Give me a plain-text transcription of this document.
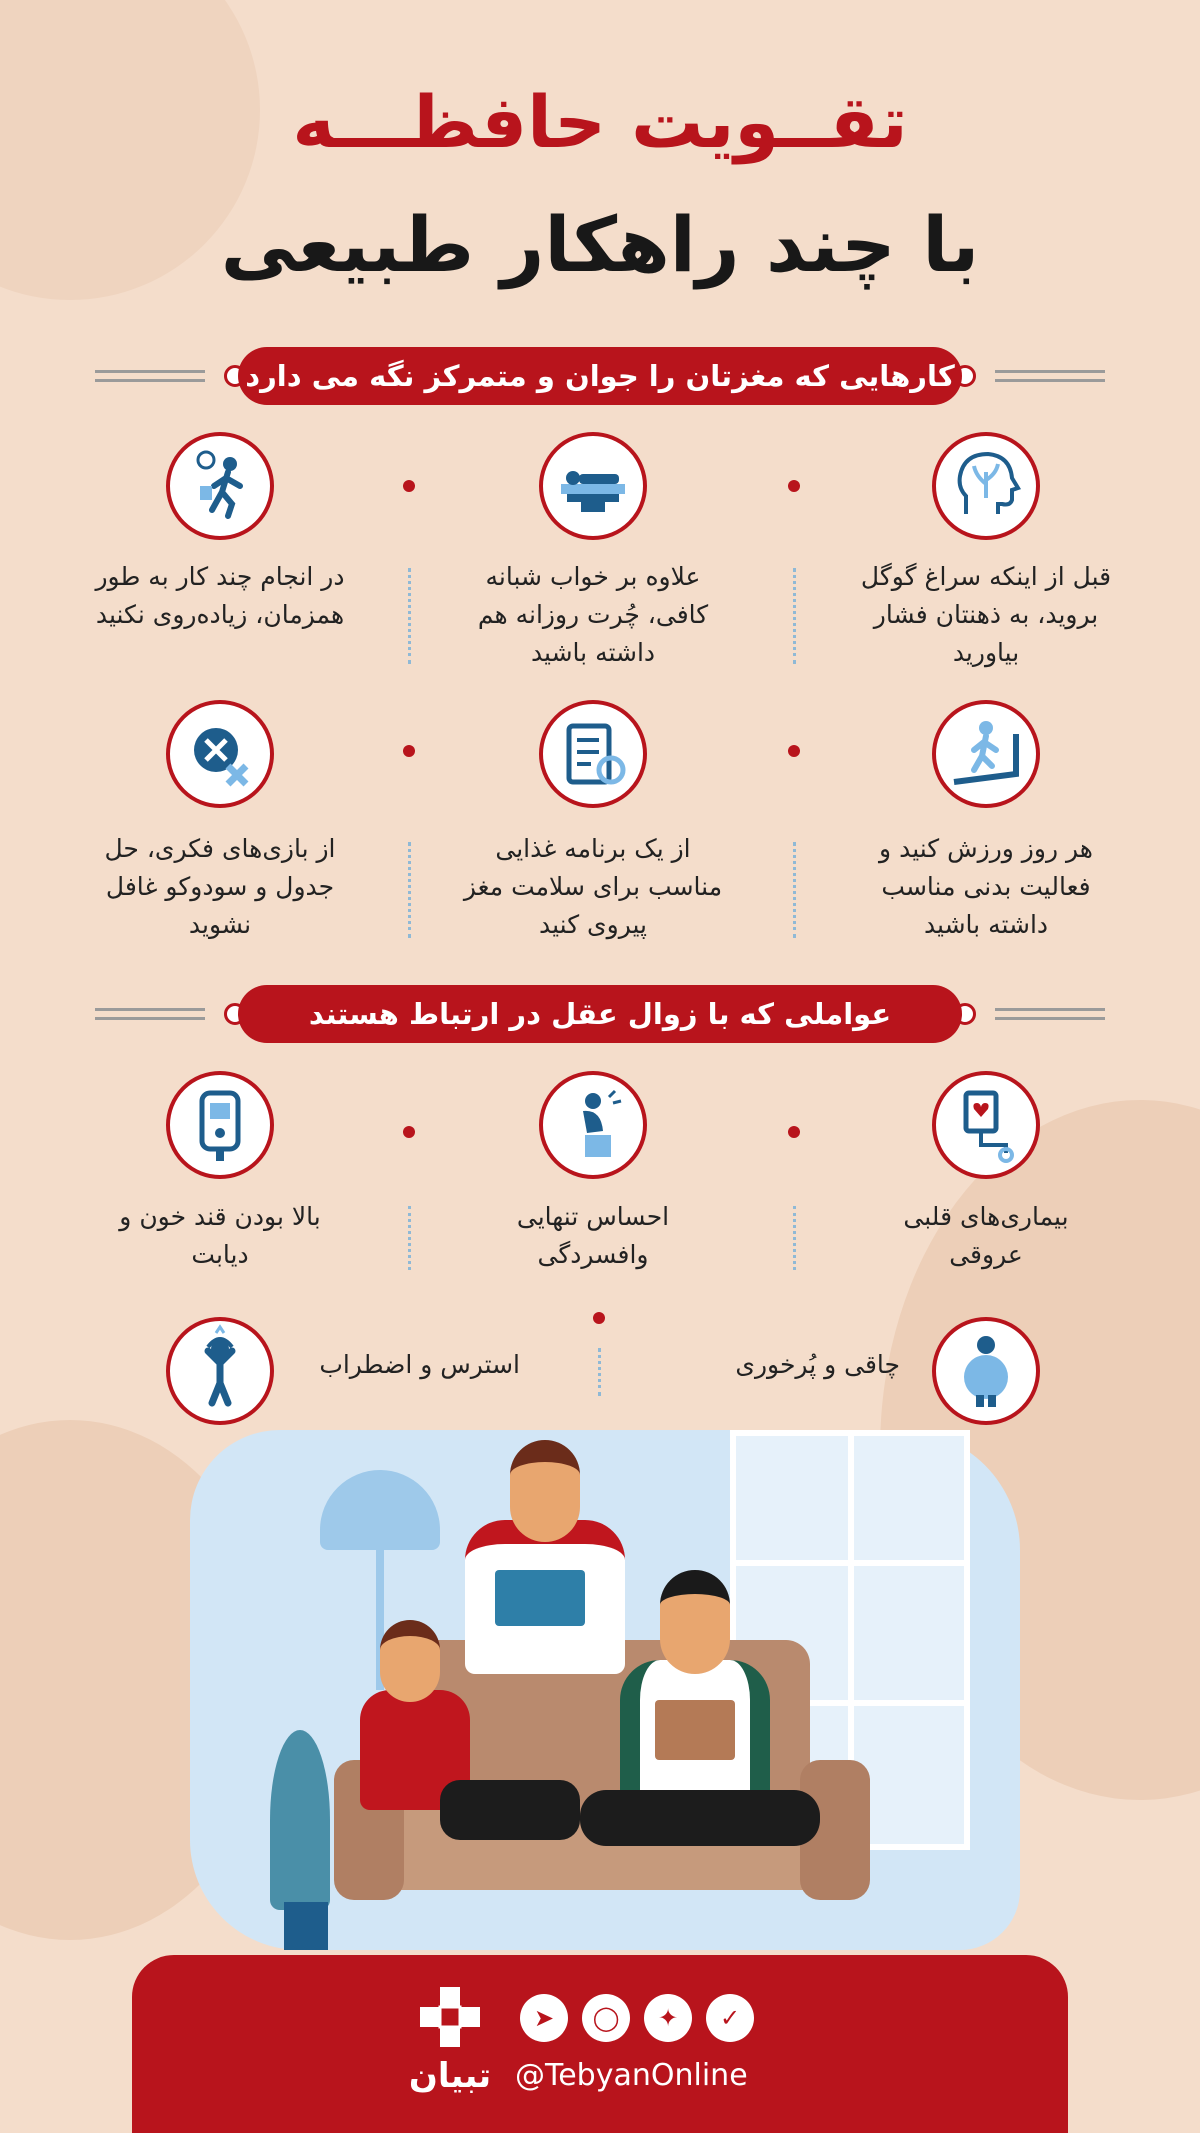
تقــویت حافظـــه
با چند راهکار طبیعی
کارهایی که مغزتان را جوان و متمرکز نگه می دارد
قبل از اینکه سراغ گوگل بروید، به ذهنتان فشار بیاورید
علاوه بر خواب شبانه کافی، چُرت روزانه هم داشته باشید
در انجام چند کار به طور همزمان، زیاده‌روی نکنید
هر روز ورزش کنید و فعالیت بدنی مناسب داشته باشید
از یک برنامه غذایی مناسب برای سلامت مغز پیروی کنید
از بازی‌های فکری، حل جدول و سودوکو غافل نشوید
عواملی که با زوال عقل در ارتباط هستند
بیماری‌های قلبی عروقی
احساس تنهایی وافسردگی
بالا بودن قند خون و دیابت
چاقی و پُرخوری
استرس و اضطراب
تبیان
➤	◯	✦	✓
@TebyanOnline
